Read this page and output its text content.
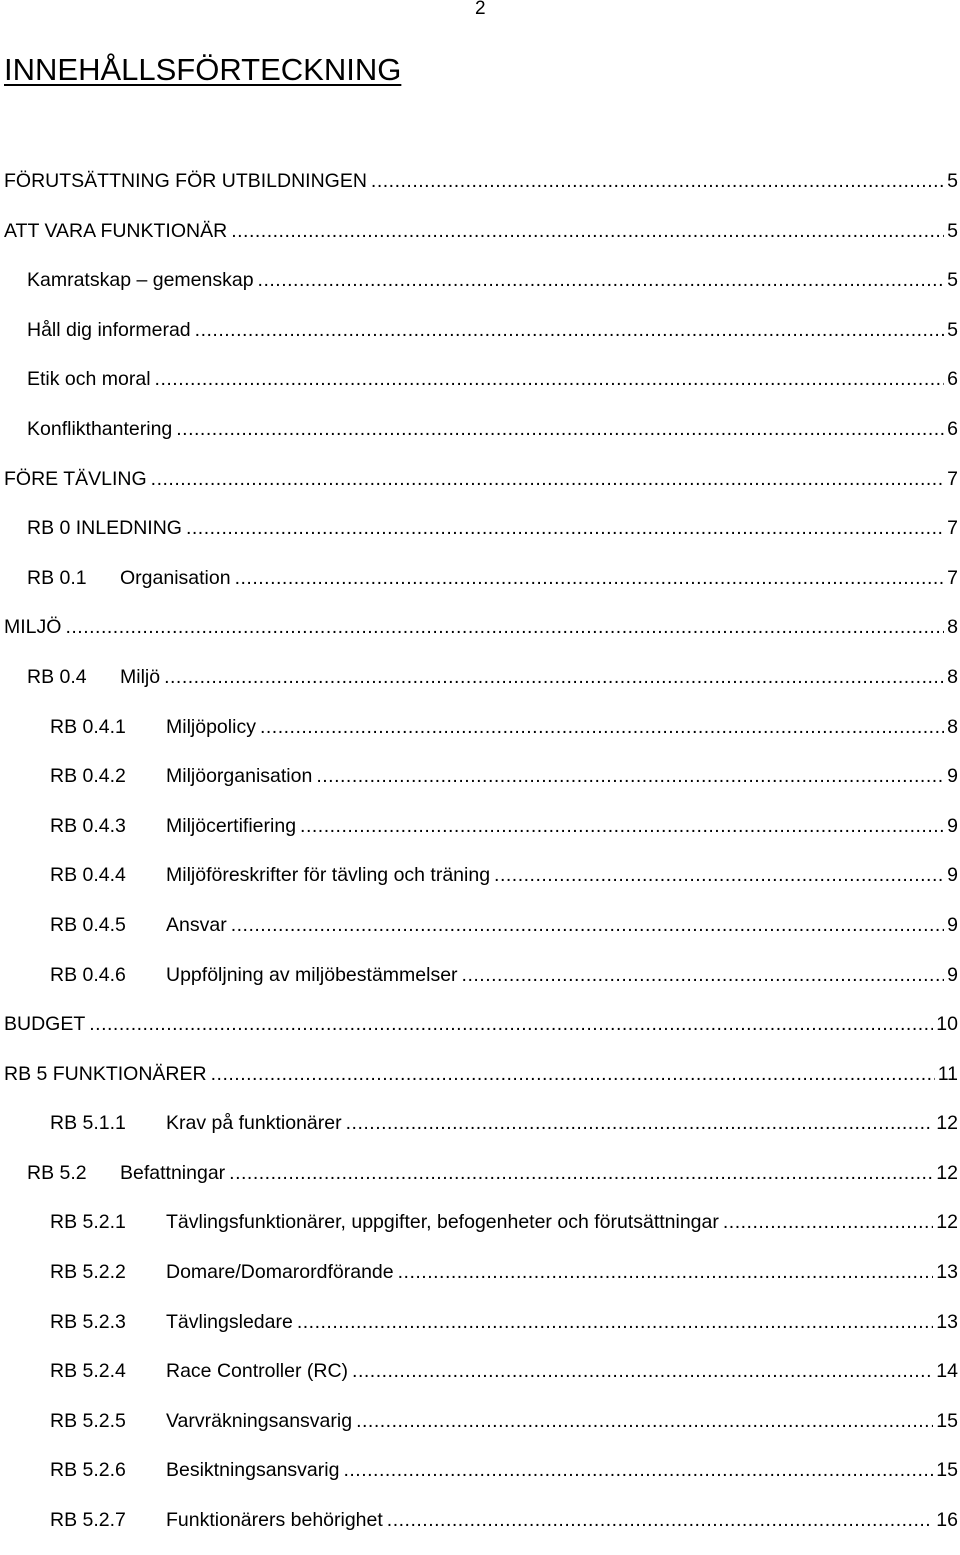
2
INNEHÅLLSFÖRTECKNING
FÖRUTSÄTTNING FÖR UTBILDNINGEN .....	5
ATT VARA FUNKTIONÄR .....	5
Kamratskap – gemenskap .....	5
Håll dig informerad .....	5
Etik och moral .....	6
Konflikthantering .....	6
FÖRE TÄVLING .....	7
RB 0 INLEDNING .....	7
RB 0.1	Organisation .....	7
MILJÖ .....	8
RB 0.4	Miljö .....	8
RB 0.4.1	Miljöpolicy .....	8
RB 0.4.2	Miljöorganisation .....	9
RB 0.4.3	Miljöcertifiering .....	9
RB 0.4.4	Miljöföreskrifter för tävling och träning .....	9
RB 0.4.5	Ansvar .....	9
RB 0.4.6	Uppföljning av miljöbestämmelser .....	9
BUDGET .....	10
RB 5 FUNKTIONÄRER .....	11
RB 5.1.1	Krav på funktionärer .....	12
RB 5.2	Befattningar .....	12
RB 5.2.1	Tävlingsfunktionärer, uppgifter, befogenheter och förutsättningar .....	12
RB 5.2.2	Domare/Domarordförande .....	13
RB 5.2.3	Tävlingsledare .....	13
RB 5.2.4	Race Controller (RC) .....	14
RB 5.2.5	Varvräkningsansvarig .....	15
RB 5.2.6	Besiktningsansvarig .....	15
RB 5.2.7	Funktionärers behörighet .....	16
